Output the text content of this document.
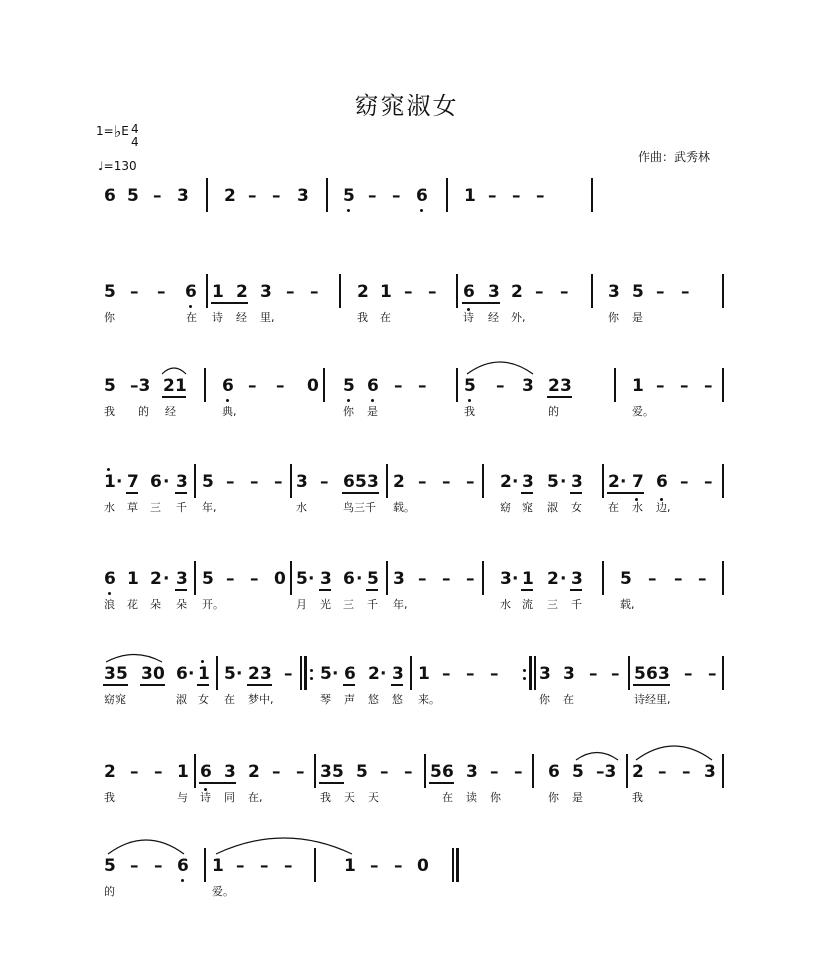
窈窕淑女
1=♭E 4
4
♩=130
作曲：武秀林
6 5 – 3 2 – – 3 5 – – 6 1 – – –
5 – – 6 1 2 3 – – 2 1 – – 6 3 2 – – 3 5 – –
你	在 诗 经 里,	我 在	诗 经 外,	你 是
5 –3 2 1 6 – – 0 5 6 – – 5 – 3 2 3	1 – – –
我 的 经	典,	你 是	我	的	爱。
1 · 7 6 · 3 5 – – – 3 – 6 5 3 2 – – – 2 · 3 5 · 3 2 · 7 6 – –
水 草 三 千 年,	水	鸟三千 载。	窈 窕 淑 女 在 水 边,
6 1 2 · 3 5 – – 0 5 · 3 6 · 5 3 – – – 3 · 1 2 · 3 5 – – –
浪 花 朵 朵 开。	月 光 三 千 年,	水 流 三 千	载,
3 5 3 0 6 · 1 5 · 2 3 – 5 · 6 2 · 3 1 – – – 3 3 – – 5 6 3 – –
窈窕	淑 女 在 梦中,	琴 声 悠 悠 来。	你 在	诗经里,
2 – – 1 6 3 2 – – 3 5 5 – – 5 6 3 – – 6 5 –3 2 – – 3
我	与 诗 同 在,	我 天 天	在 读 你	你 是	我
5 – – 6 1 – – –	1 – – 0
的	爱。
